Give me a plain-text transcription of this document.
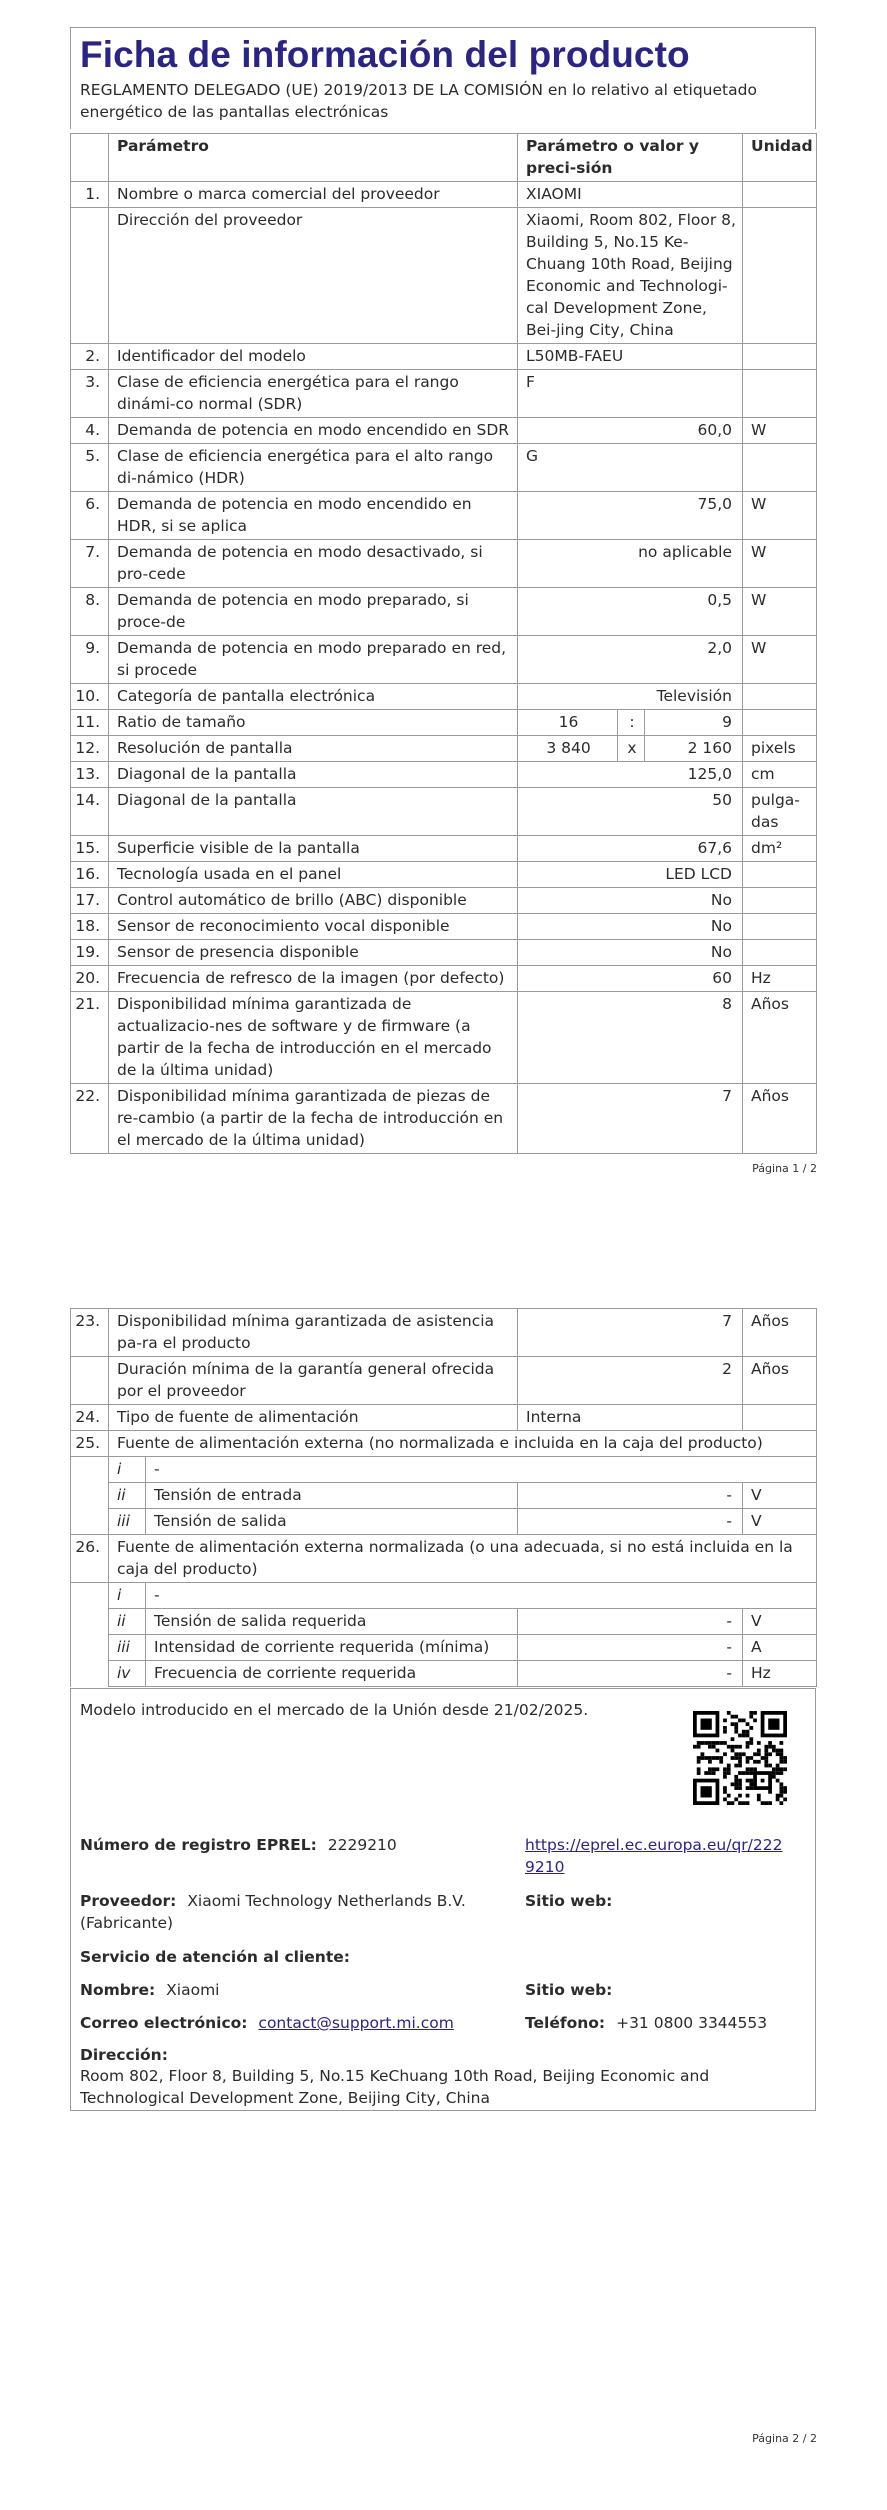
Ficha de información del producto
REGLAMENTO DELEGADO (UE) 2019/2013 DE LA COMISIÓN en lo relativo al etiquetado energético de las pantallas electrónicas
	Parámetro	Parámetro o valor y preci-sión			Unidad
1.	Nombre o marca comercial del proveedor	XIAOMI			
	Dirección del proveedor	Xiaomi, Room 802, Floor 8, Building 5, No.15 Ke-Chuang 10th Road, Beijing Economic and Technologi-cal Development Zone, Bei-jing City, China			
2.	Identificador del modelo	L50MB-FAEU			
3.	Clase de eficiencia energética para el rango dinámi-co normal (SDR)	F			
4.	Demanda de potencia en modo encendido en SDR	60,0			W
5.	Clase de eficiencia energética para el alto rango di-námico (HDR)	G			
6.	Demanda de potencia en modo encendido en HDR, si se aplica	75,0			W
7.	Demanda de potencia en modo desactivado, si pro-cede	no aplicable			W
8.	Demanda de potencia en modo preparado, si proce-de	0,5			W
9.	Demanda de potencia en modo preparado en red, si procede	2,0			W
10.	Categoría de pantalla electrónica	Televisión			
11.	Ratio de tamaño	16	:	9	
12.	Resolución de pantalla	3 840	x	2 160	pixels
13.	Diagonal de la pantalla	125,0			cm
14.	Diagonal de la pantalla	50			pulga-das
15.	Superficie visible de la pantalla	67,6			dm²
16.	Tecnología usada en el panel	LED LCD			
17.	Control automático de brillo (ABC) disponible	No			
18.	Sensor de reconocimiento vocal disponible	No			
19.	Sensor de presencia disponible	No			
20.	Frecuencia de refresco de la imagen (por defecto)	60			Hz
21.	Disponibilidad mínima garantizada de actualizacio-nes de software y de firmware (a partir de la fecha de introducción en el mercado de la última unidad)	8			Años
22.	Disponibilidad mínima garantizada de piezas de re-cambio (a partir de la fecha de introducción en el mercado de la última unidad)	7			Años
Página 1 / 2
23.	Disponibilidad mínima garantizada de asistencia pa-ra el producto		7	Años
	Duración mínima de la garantía general ofrecida por el proveedor		2	Años
24.	Tipo de fuente de alimentación		Interna	
25.	Fuente de alimentación externa (no normalizada e incluida en la caja del producto)			
	i	-		
	ii	Tensión de entrada	-	V
	iii	Tensión de salida	-	V
26.	Fuente de alimentación externa normalizada (o una adecuada, si no está incluida en la caja del producto)			
	i	-		
	ii	Tensión de salida requerida	-	V
	iii	Intensidad de corriente requerida (mínima)	-	A
	iv	Frecuencia de corriente requerida	-	Hz
Modelo introducido en el mercado de la Unión desde 21/02/2025.
Número de registro EPREL: 2229210	https://eprel.ec.europa.eu/qr/2229210
Proveedor: Xiaomi Technology Netherlands B.V. (Fabricante)
Sitio web:
Servicio de atención al cliente:
Nombre: Xiaomi	Sitio web:
Correo electrónico: contact@support.mi.com	Teléfono: +31 0800 3344553
Dirección:
Room 802, Floor 8, Building 5, No.15 KeChuang 10th Road, Beijing Economic and Technological Development Zone, Beijing City, China
Página 2 / 2
